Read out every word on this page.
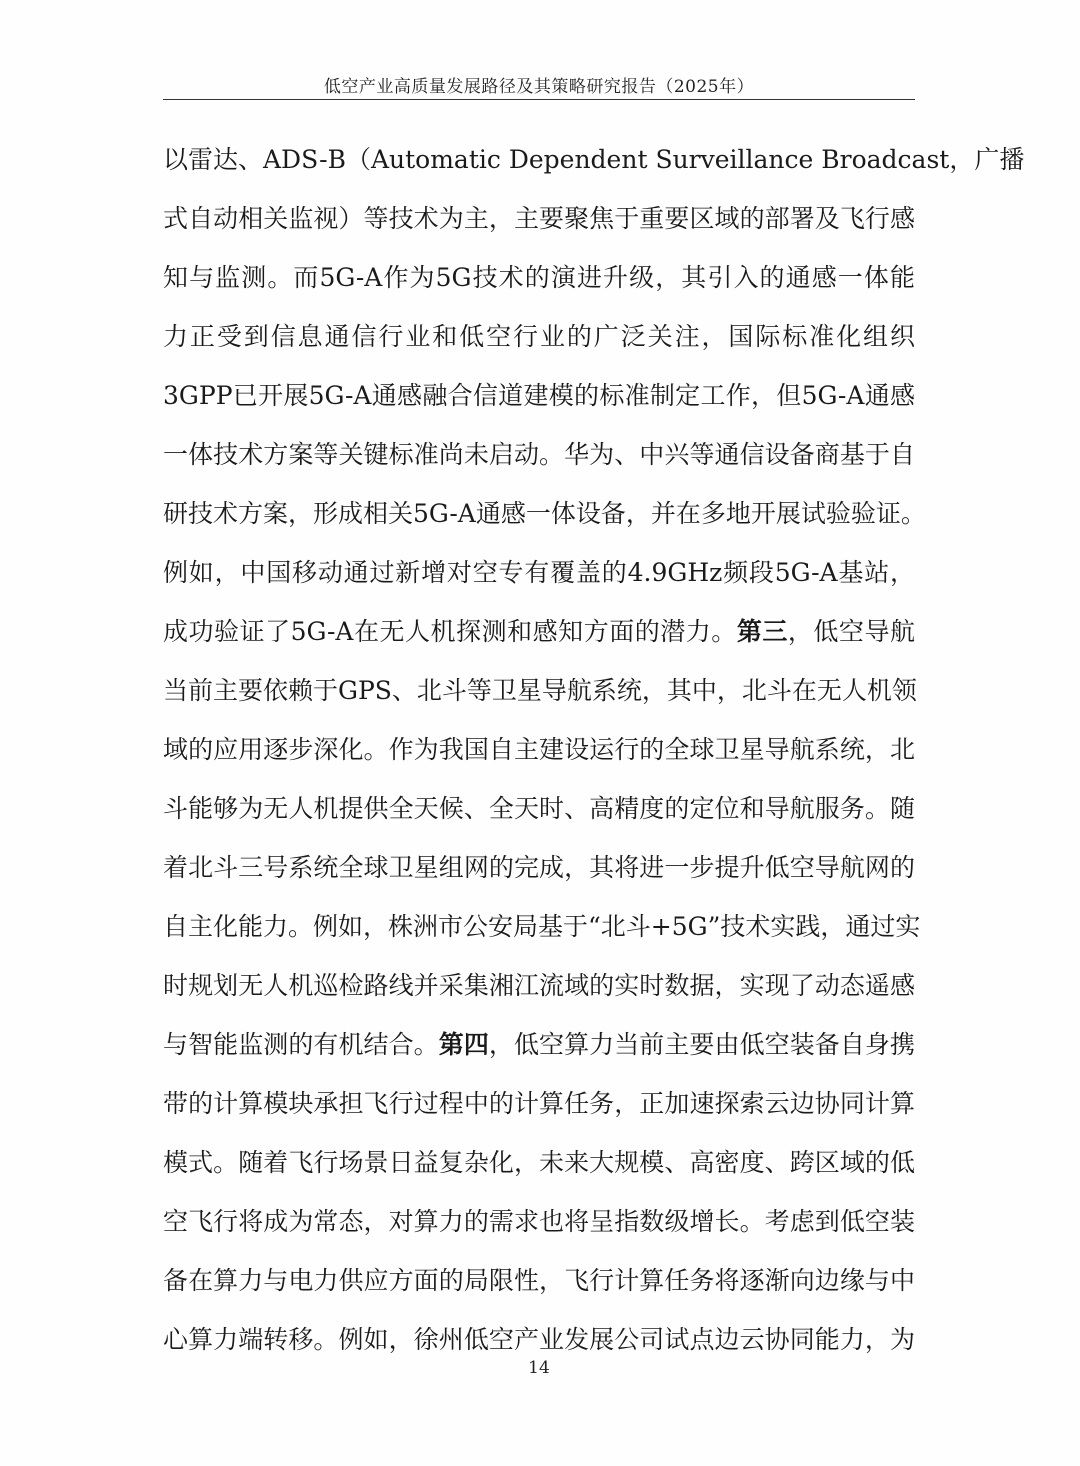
低空产业高质量发展路径及其策略研究报告（2025年）
以雷达、ADS-B（Automatic Dependent Surveillance Broadcast，广播
式自动相关监视）等技术为主，主要聚焦于重要区域的部署及飞行感
知与监测。而5G-A作为5G技术的演进升级，其引入的通感一体能
力正受到信息通信行业和低空行业的广泛关注，国际标准化组织
3GPP已开展5G-A通感融合信道建模的标准制定工作，但5G-A通感
一体技术方案等关键标准尚未启动。华为、中兴等通信设备商基于自
研技术方案，形成相关5G-A通感一体设备，并在多地开展试验验证。
例如，中国移动通过新增对空专有覆盖的4.9GHz频段5G-A基站，
成功验证了5G-A在无人机探测和感知方面的潜力。第三，低空导航
当前主要依赖于GPS、北斗等卫星导航系统，其中，北斗在无人机领
域的应用逐步深化。作为我国自主建设运行的全球卫星导航系统，北
斗能够为无人机提供全天候、全天时、高精度的定位和导航服务。随
着北斗三号系统全球卫星组网的完成，其将进一步提升低空导航网的
自主化能力。例如，株洲市公安局基于“北斗+5G”技术实践，通过实
时规划无人机巡检路线并采集湘江流域的实时数据，实现了动态遥感
与智能监测的有机结合。第四，低空算力当前主要由低空装备自身携
带的计算模块承担飞行过程中的计算任务，正加速探索云边协同计算
模式。随着飞行场景日益复杂化，未来大规模、高密度、跨区域的低
空飞行将成为常态，对算力的需求也将呈指数级增长。考虑到低空装
备在算力与电力供应方面的局限性，飞行计算任务将逐渐向边缘与中
心算力端转移。例如，徐州低空产业发展公司试点边云协同能力，为
14
